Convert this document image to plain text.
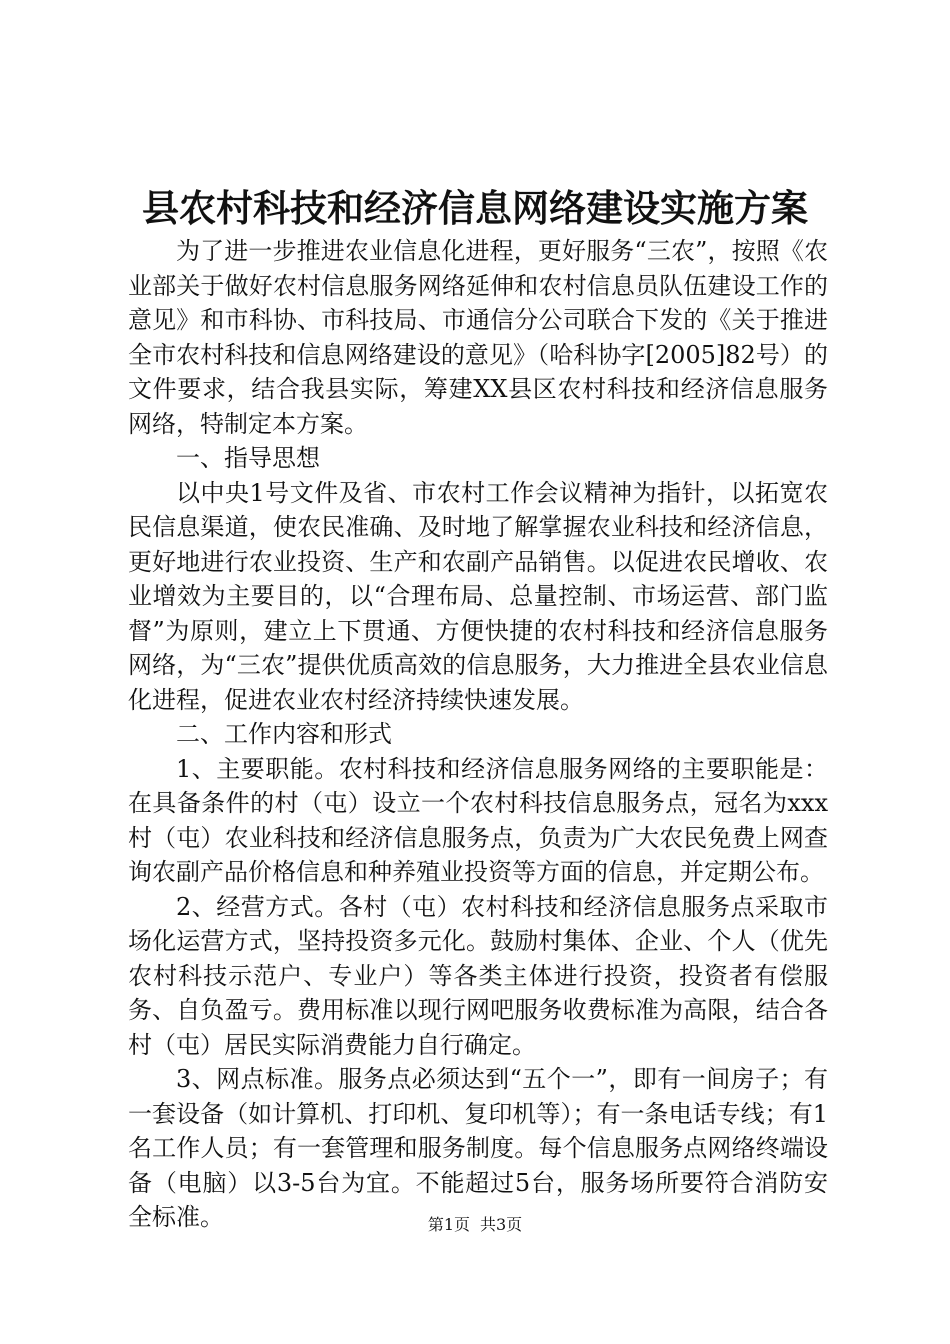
县农村科技和经济信息网络建设实施方案

为了进一步推进农业信息化进程，更好服务“三农”，按照《农业部关于做好农村信息服务网络延伸和农村信息员队伍建设工作的意见》和市科协、市科技局、市通信分公司联合下发的《关于推进全市农村科技和信息网络建设的意见》（哈科协字[2005]82号）的文件要求，结合我县实际，筹建XX县区农村科技和经济信息服务网络，特制定本方案。

一、指导思想

以中央1号文件及省、市农村工作会议精神为指针，以拓宽农民信息渠道，使农民准确、及时地了解掌握农业科技和经济信息，更好地进行农业投资、生产和农副产品销售。以促进农民增收、农业增效为主要目的，以“合理布局、总量控制、市场运营、部门监督”为原则，建立上下贯通、方便快捷的农村科技和经济信息服务网络，为“三农”提供优质高效的信息服务，大力推进全县农业信息化进程，促进农业农村经济持续快速发展。

二、工作内容和形式

1、主要职能。农村科技和经济信息服务网络的主要职能是：在具备条件的村（屯）设立一个农村科技信息服务点，冠名为xxx村（屯）农业科技和经济信息服务点，负责为广大农民免费上网查询农副产品价格信息和种养殖业投资等方面的信息，并定期公布。

2、经营方式。各村（屯）农村科技和经济信息服务点采取市场化运营方式，坚持投资多元化。鼓励村集体、企业、个人（优先农村科技示范户、专业户）等各类主体进行投资，投资者有偿服务、自负盈亏。费用标准以现行网吧服务收费标准为高限，结合各村（屯）居民实际消费能力自行确定。

3、网点标准。服务点必须达到“五个一”，即有一间房子；有一套设备（如计算机、打印机、复印机等）；有一条电话专线；有1名工作人员；有一套管理和服务制度。每个信息服务点网络终端设备（电脑）以3-5台为宜。不能超过5台，服务场所要符合消防安全标准。	第1页 共3页
